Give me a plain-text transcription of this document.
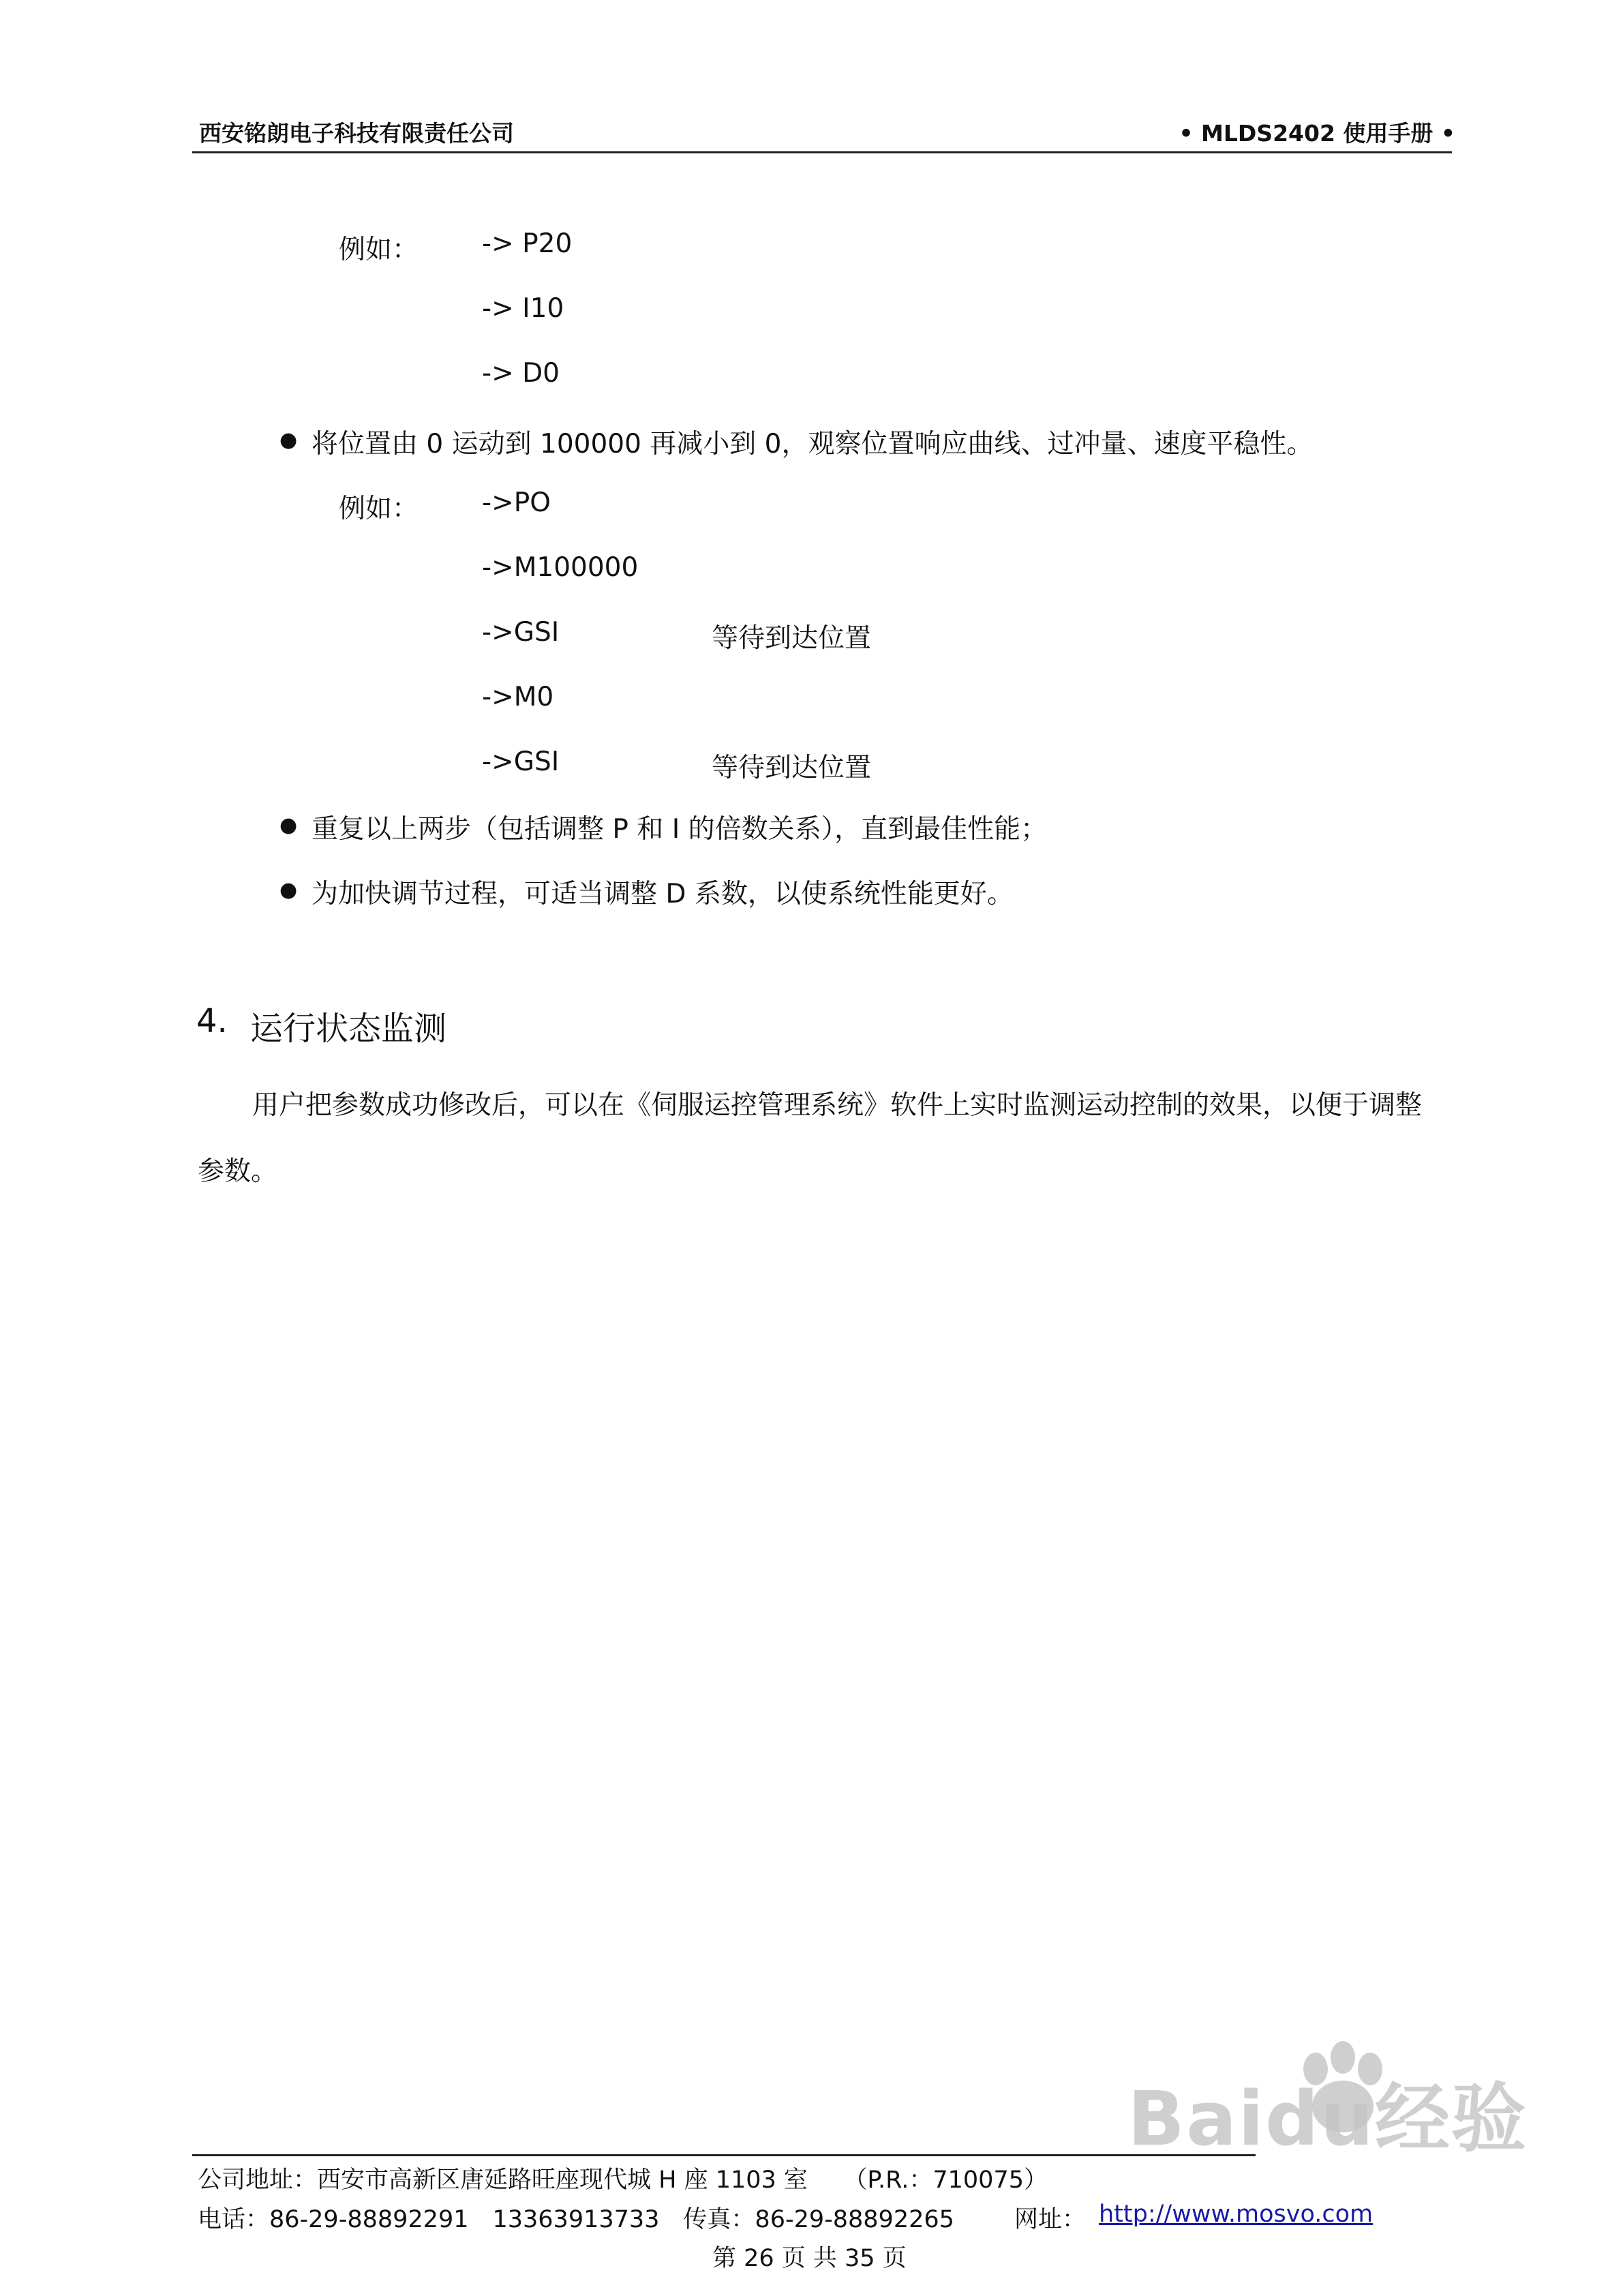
西安铭朗电子科技有限责任公司	• MLDS2402 使用手册 •
例如： -> P20
-> I10
-> D0
● 将位置由 0 运动到 100000 再减小到 0，观察位置响应曲线、过冲量、速度平稳性。
例如： ->PO
->M100000
->GSI	等待到达位置
->M0
->GSI	等待到达位置
● 重复以上两步（包括调整 P 和 I 的倍数关系），直到最佳性能；
● 为加快调节过程，可适当调整 D 系数，以使系统性能更好。
4. 运行状态监测
用户把参数成功修改后，可以在《伺服运控管理系统》软件上实时监测运动控制的效果，以便于调整
参数。
Baidu经验
公司地址：西安市高新区唐延路旺座现代城 H 座 1103 室　　（P.R.：710075）
电话：86-29-88892291　13363913733　传真：86-29-88892265	网址： http://www.mosvo.com
第 26 页 共 35 页
